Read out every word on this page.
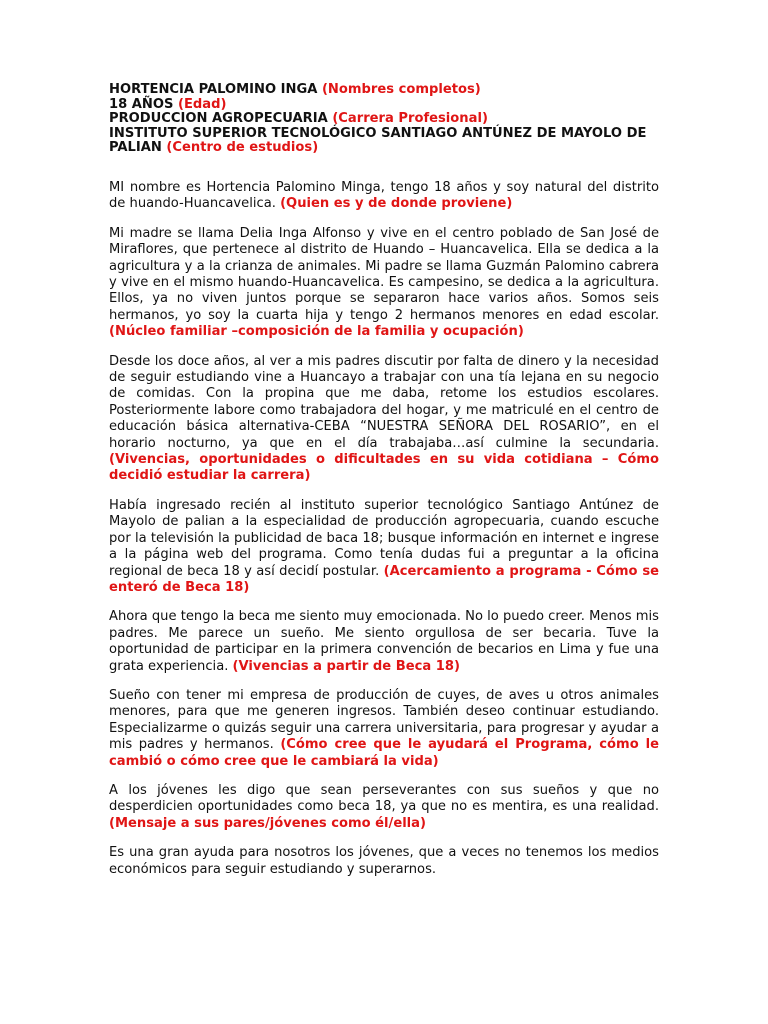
HORTENCIA PALOMINO INGA (Nombres completos)
18 AÑOS (Edad)
PRODUCCION AGROPECUARIA (Carrera Profesional)
INSTITUTO SUPERIOR TECNOLÓGICO SANTIAGO ANTÚNEZ DE MAYOLO DE PALIAN (Centro de estudios)

MI nombre es Hortencia Palomino Minga, tengo 18 años y soy natural del distrito de huando-Huancavelica. (Quien es y de donde proviene)

Mi madre se llama Delia Inga Alfonso y vive en el centro poblado de San José de Miraflores, que pertenece al distrito de Huando – Huancavelica. Ella se dedica a la agricultura y a la crianza de animales. Mi padre se llama Guzmán Palomino cabrera y vive en el mismo huando-Huancavelica. Es campesino, se dedica a la agricultura. Ellos, ya no viven juntos porque se separaron hace varios años. Somos seis hermanos, yo soy la cuarta hija y tengo 2 hermanos menores en edad escolar. (Núcleo familiar –composición de la familia y ocupación)

Desde los doce años, al ver a mis padres discutir por falta de dinero y la necesidad de seguir estudiando vine a Huancayo a trabajar con una tía lejana en su negocio de comidas. Con la propina que me daba, retome los estudios escolares. Posteriormente labore como trabajadora del hogar, y me matriculé en el centro de educación básica alternativa-CEBA “NUESTRA SEÑORA DEL ROSARIO”, en el horario nocturno, ya que en el día trabajaba…así culmine la secundaria. (Vivencias, oportunidades o dificultades en su vida cotidiana – Cómo decidió estudiar la carrera)

Había ingresado recién al instituto superior tecnológico Santiago Antúnez de Mayolo de palian a la especialidad de producción agropecuaria, cuando escuche por la televisión la publicidad de baca 18; busque información en internet e ingrese a la página web del programa. Como tenía dudas fui a preguntar a la oficina regional de beca 18 y así decidí postular. (Acercamiento a programa - Cómo se enteró de Beca 18)

Ahora que tengo la beca me siento muy emocionada. No lo puedo creer. Menos mis padres. Me parece un sueño. Me siento orgullosa de ser becaria. Tuve la oportunidad de participar en la primera convención de becarios en Lima y fue una grata experiencia. (Vivencias a partir de Beca 18)

Sueño con tener mi empresa de producción de cuyes, de aves u otros animales menores, para que me generen ingresos. También deseo continuar estudiando. Especializarme o quizás seguir una carrera universitaria, para progresar y ayudar a mis padres y hermanos. (Cómo cree que le ayudará el Programa, cómo le cambió o cómo cree que le cambiará la vida)

A los jóvenes les digo que sean perseverantes con sus sueños y que no desperdicien oportunidades como beca 18, ya que no es mentira, es una realidad. (Mensaje a sus pares/jóvenes como él/ella)

Es una gran ayuda para nosotros los jóvenes, que a veces no tenemos los medios económicos para seguir estudiando y superarnos.
